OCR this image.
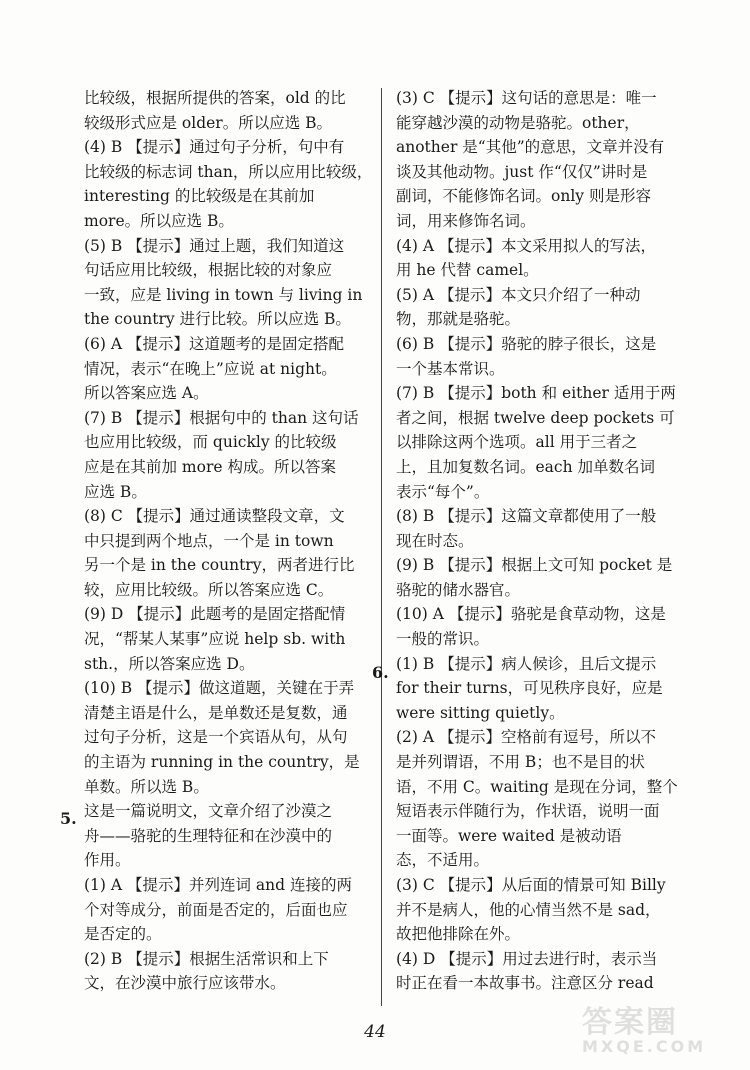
比较级，根据所提供的答案，old 的比
较级形式应是 older。所以应选 B。
(4) B 【提示】通过句子分析，句中有
比较级的标志词 than，所以应用比较级，
interesting 的比较级是在其前加
more。所以应选 B。
(5) B 【提示】通过上题，我们知道这
句话应用比较级，根据比较的对象应
一致，应是 living in town 与 living in
the country 进行比较。所以应选 B。
(6) A 【提示】这道题考的是固定搭配
情况，表示“在晚上”应说 at night。
所以答案应选 A。
(7) B 【提示】根据句中的 than 这句话
也应用比较级，而 quickly 的比较级
应是在其前加 more 构成。所以答案
应选 B。
(8) C 【提示】通过通读整段文章，文
中只提到两个地点，一个是 in town
另一个是 in the country，两者进行比
较，应用比较级。所以答案应选 C。
(9) D 【提示】此题考的是固定搭配情
况，“帮某人某事”应说 help sb. with
sth.，所以答案应选 D。
(10) B 【提示】做这道题，关键在于弄
清楚主语是什么，是单数还是复数，通
过句子分析，这是一个宾语从句，从句
的主语为 running in the country，是
单数。所以选 B。
这是一篇说明文，文章介绍了沙漠之
舟——骆驼的生理特征和在沙漠中的
作用。
(1) A 【提示】并列连词 and 连接的两
个对等成分，前面是否定的，后面也应
是否定的。
(2) B 【提示】根据生活常识和上下
文，在沙漠中旅行应该带水。
5.
(3) C 【提示】这句话的意思是：唯一
能穿越沙漠的动物是骆驼。other，
another 是“其他”的意思，文章并没有
谈及其他动物。just 作“仅仅”讲时是
副词，不能修饰名词。only 则是形容
词，用来修饰名词。
(4) A 【提示】本文采用拟人的写法，
用 he 代替 camel。
(5) A 【提示】本文只介绍了一种动
物，那就是骆驼。
(6) B 【提示】骆驼的脖子很长，这是
一个基本常识。
(7) B 【提示】both 和 either 适用于两
者之间，根据 twelve deep pockets 可
以排除这两个选项。all 用于三者之
上，且加复数名词。each 加单数名词
表示“每个”。
(8) B 【提示】这篇文章都使用了一般
现在时态。
(9) B 【提示】根据上文可知 pocket 是
骆驼的储水器官。
(10) A 【提示】骆驼是食草动物，这是
一般的常识。
(1) B 【提示】病人候诊，且后文提示
for their turns，可见秩序良好，应是
were sitting quietly。
(2) A 【提示】空格前有逗号，所以不
是并列谓语，不用 B；也不是目的状
语，不用 C。waiting 是现在分词，整个
短语表示伴随行为，作状语，说明一面
一面等。were waited 是被动语
态，不适用。
(3) C 【提示】从后面的情景可知 Billy
并不是病人，他的心情当然不是 sad，
故把他排除在外。
(4) D 【提示】用过去进行时，表示当
时正在看一本故事书。注意区分 read
6.
44	答案圈
MXQE.COM
